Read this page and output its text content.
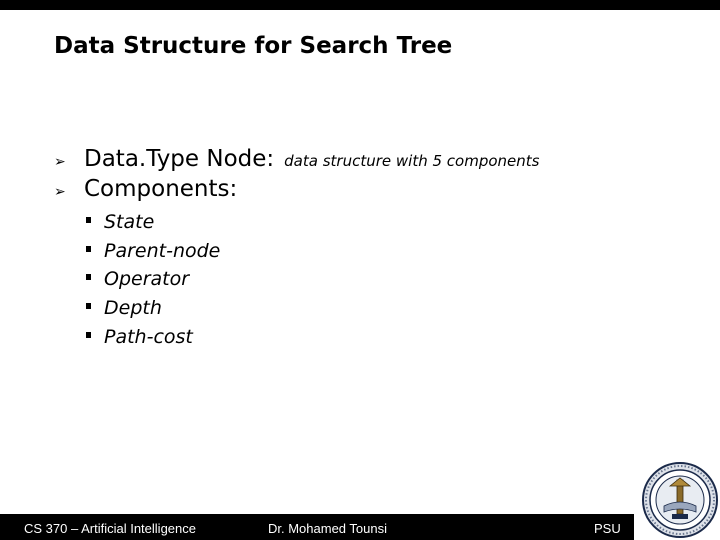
Data Structure for Search Tree
➢ Data.Type Node: data structure with 5 components
➢ Components:
State
Parent-node
Operator
Depth
Path-cost
CS 370 – Artificial Intelligence	Dr. Mohamed Tounsi	PSU
